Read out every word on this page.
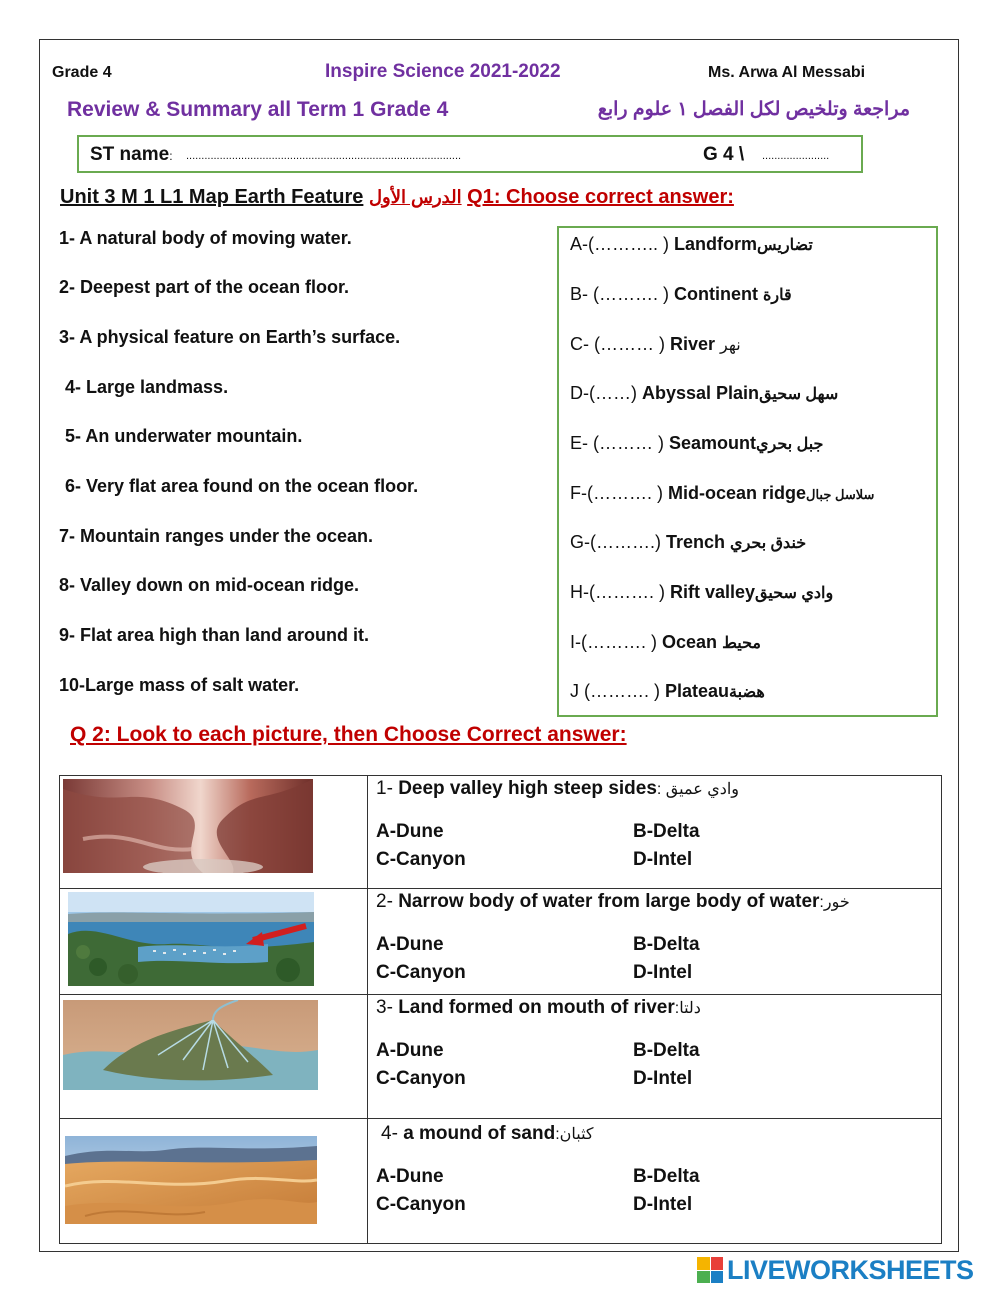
Grade 4	Inspire Science 2021-2022	Ms. Arwa Al Messabi
Review & Summary all Term 1 Grade 4	مراجعة وتلخيص لكل الفصل ١ علوم رابع
ST name: ..........................................................................................	G 4 \ ......................
Unit 3 M 1 L1 Map Earth Feature الدرس الأول Q1: Choose correct answer:
1- A natural body of moving water.
2- Deepest part of the ocean floor.
3- A physical feature on Earth’s surface.
4- Large landmass.
5- An underwater mountain.
6- Very flat area found on the ocean floor.
7- Mountain ranges under the ocean.
8- Valley down on mid-ocean ridge.
9- Flat area high than land around it.
10-Large mass of salt water.
A-(……….. ) Landformتضاريس
B- (………. ) Continent قارة
C- (……… ) River نهر
D-(……) Abyssal Plainسهل سحيق
E- (……… ) Seamountجبل بحري
F-(………. ) Mid-ocean ridgeسلاسل جبال
G-(……….) Trench خندق بحري
H-(………. ) Rift valleyوادي سحيق
I-(………. ) Ocean محيط
J (………. ) Plateauهضبة
Q 2: Look to each picture, then Choose Correct answer:

1- Deep valley high steep sides: وادي عميق
A-Dune B-Delta
C-Canyon D-Intel

2- Narrow body of water from large body of water:خور
A-Dune B-Delta
C-Canyon D-Intel

3- Land formed on mouth of river:دلتا
A-Dune B-Delta
C-Canyon D-Intel

4- a mound of sand:كثبان
A-Dune B-Delta
C-Canyon D-Intel
LIVEWORKSHEETS
